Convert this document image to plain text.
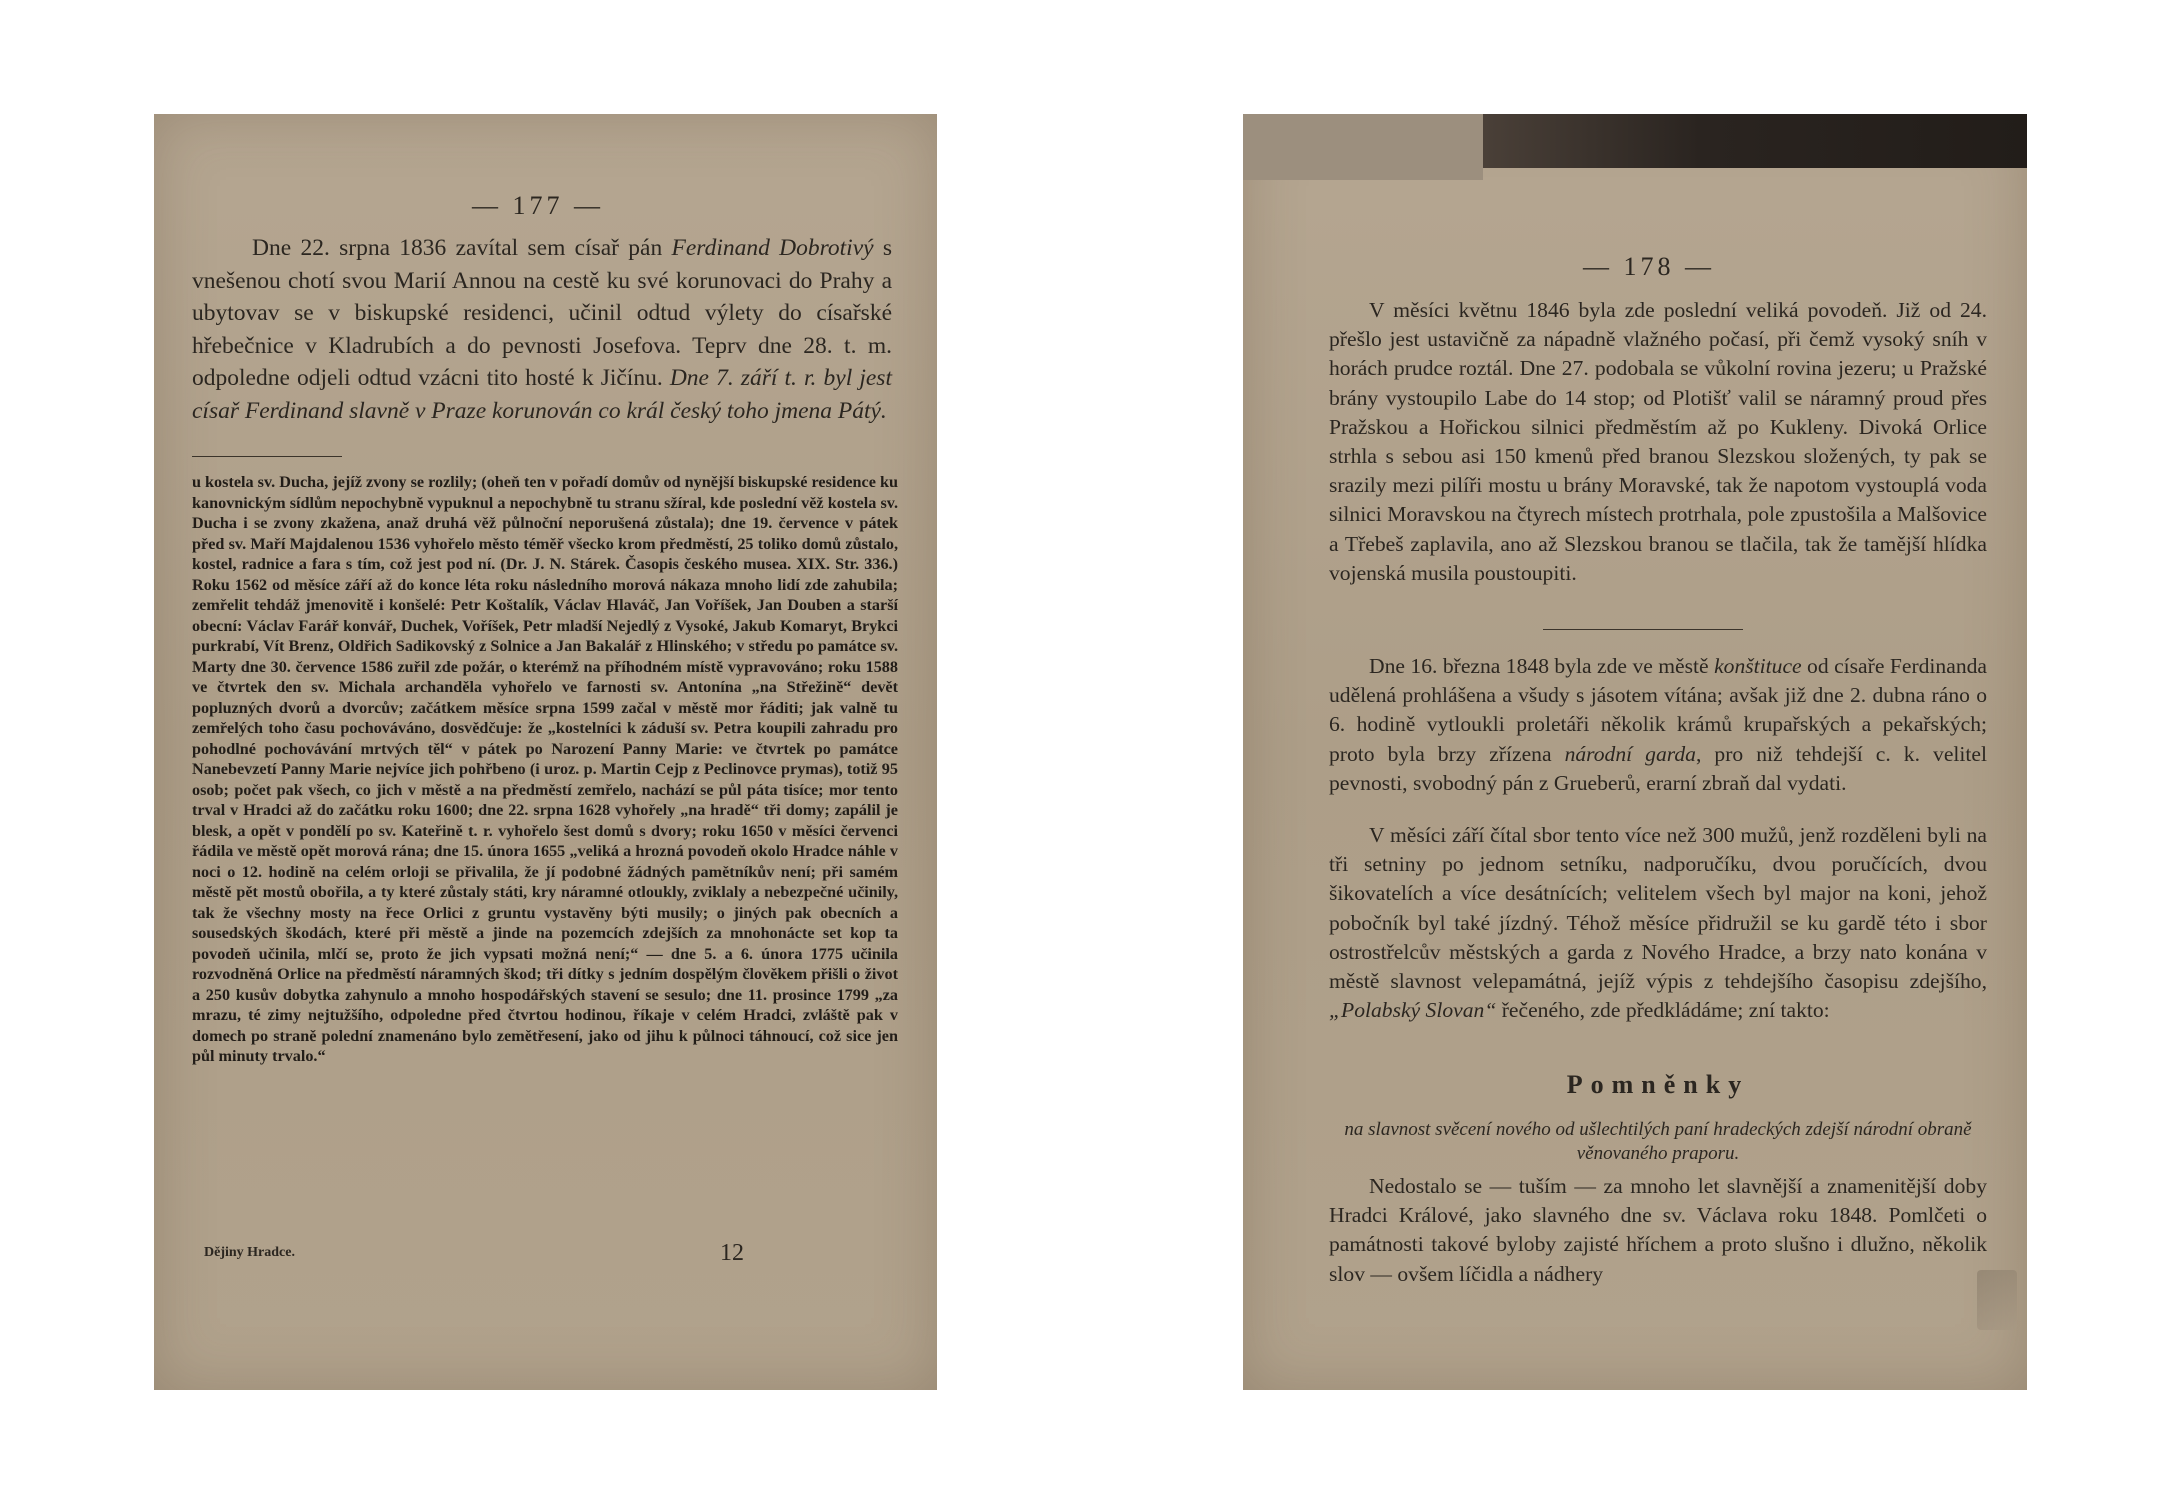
— 177 —

Dne 22. srpna 1836 zavítal sem císař pán Ferdinand Dobrotivý s vnešenou chotí svou Marií Annou na cestě ku své korunovaci do Prahy a ubytovav se v biskupské residenci, učinil odtud výlety do císařské hřebečnice v Kladrubích a do pevnosti Josefova. Teprv dne 28. t. m. odpoledne odjeli odtud vzácni tito hosté k Jičínu. Dne 7. září t. r. byl jest císař Ferdinand slavně v Praze korunován co král český toho jmena Pátý.

u kostela sv. Ducha, jejíž zvony se rozlily; (oheň ten v pořadí domův od nynější biskupské residence ku kanovnickým sídlům nepochybně vypuknul a nepochybně tu stranu sžíral, kde poslední věž kostela sv. Ducha i se zvony zkažena, anaž druhá věž půlnoční neporušená zůstala); dne 19. července v pátek před sv. Maří Majdalenou 1536 vyhořelo město téměř všecko krom předměstí, 25 toliko domů zůstalo, kostel, radnice a fara s tím, což jest pod ní. (Dr. J. N. Stárek. Časopis českého musea. XIX. Str. 336.) Roku 1562 od měsíce září až do konce léta roku následního morová nákaza mnoho lidí zde zahubila; zemřelit tehdáž jmenovitě i konšelé: Petr Koštalík, Václav Hlaváč, Jan Voříšek, Jan Douben a starší obecní: Václav Farář konvář, Duchek, Voříšek, Petr mladší Nejedlý z Vysoké, Jakub Komaryt, Brykci purkrabí, Vít Brenz, Oldřich Sadikovský z Solnice a Jan Bakalář z Hlinského; v středu po památce sv. Marty dne 30. července 1586 zuřil zde požár, o kterémž na příhodném místě vypravováno; roku 1588 ve čtvrtek den sv. Michala archanděla vyhořelo ve farnosti sv. Antonína „na Střežině“ devět popluzných dvorů a dvorcův; začátkem měsíce srpna 1599 začal v městě mor řáditi; jak valně tu zemřelých toho času pochováváno, dosvědčuje: že „kostelníci k záduší sv. Petra koupili zahradu pro pohodlné pochovávání mrtvých těl“ v pátek po Narození Panny Marie: ve čtvrtek po památce Nanebevzetí Panny Marie nejvíce jich pohřbeno (i uroz. p. Martin Cejp z Peclinovce prymas), totiž 95 osob; počet pak všech, co jich v městě a na předměstí zemřelo, nachází se půl páta tisíce; mor tento trval v Hradci až do začátku roku 1600; dne 22. srpna 1628 vyhořely „na hradě“ tři domy; zapálil je blesk, a opět v pondělí po sv. Kateřině t. r. vyhořelo šest domů s dvory; roku 1650 v měsíci červenci řádila ve městě opět morová rána; dne 15. února 1655 „veliká a hrozná povodeň okolo Hradce náhle v noci o 12. hodině na celém orloji se přivalila, že jí podobné žádných pamětníkův není; při samém městě pět mostů obořila, a ty které zůstaly státi, kry náramné otloukly, zviklaly a nebezpečné učinily, tak že všechny mosty na řece Orlici z gruntu vystavěny býti musily; o jiných pak obecních a sousedských škodách, které při městě a jinde na pozemcích zdejších za mnohonácte set kop ta povodeň učinila, mlčí se, proto že jich vypsati možná není;“ — dne 5. a 6. února 1775 učinila rozvodněná Orlice na předměstí náramných škod; tři dítky s jedním dospělým člověkem přišli o život a 250 kusův dobytka zahynulo a mnoho hospodářských stavení se sesulo; dne 11. prosince 1799 „za mrazu, té zimy nejtužšího, odpoledne před čtvrtou hodinou, říkaje v celém Hradci, zvláště pak v domech po straně polední znamenáno bylo zemětřesení, jako od jihu k půlnoci táhnoucí, což sice jen půl minuty trvalo.“

Dějiny Hradce.	12
— 178 —

V měsíci květnu 1846 byla zde poslední veliká povodeň. Již od 24. přešlo jest ustavičně za nápadně vlažného počasí, při čemž vysoký sníh v horách prudce roztál. Dne 27. podobala se vůkolní rovina jezeru; u Pražské brány vystoupilo Labe do 14 stop; od Plotišť valil se náramný proud přes Pražskou a Hořickou silnici předměstím až po Kukleny. Divoká Orlice strhla s sebou asi 150 kmenů před branou Slezskou složených, ty pak se srazily mezi pilíři mostu u brány Moravské, tak že napotom vystouplá voda silnici Moravskou na čtyrech místech protrhala, pole zpustošila a Malšovice a Třebeš zaplavila, ano až Slezskou branou se tlačila, tak že tamější hlídka vojenská musila poustoupiti.

Dne 16. března 1848 byla zde ve městě konštituce od císaře Ferdinanda udělená prohlášena a všudy s jásotem vítána; avšak již dne 2. dubna ráno o 6. hodině vytloukli proletáři několik krámů krupařských a pekařských; proto byla brzy zřízena národní garda, pro niž tehdejší c. k. velitel pevnosti, svobodný pán z Grueberů, erarní zbraň dal vydati.

V měsíci září čítal sbor tento více než 300 mužů, jenž rozděleni byli na tři setniny po jednom setníku, nadporučíku, dvou poručících, dvou šikovatelích a více desátnících; velitelem všech byl major na koni, jehož pobočník byl také jízdný. Téhož měsíce přidružil se ku gardě této i sbor ostrostřelcův městských a garda z Nového Hradce, a brzy nato konána v městě slavnost velepamátná, jejíž výpis z tehdejšího časopisu zdejšího, „Polabský Slovan“ řečeného, zde předkládáme; zní takto:

Pomněnky

na slavnost svěcení nového od ušlechtilých paní hradeckých zdejší národní obraně věnovaného praporu.

Nedostalo se — tuším — za mnoho let slavnější a znamenitější doby Hradci Králové, jako slavného dne sv. Václava roku 1848. Pomlčeti o památnosti takové byloby zajisté hříchem a proto slušno i dlužno, několik slov — ovšem líčidla a nádhery
